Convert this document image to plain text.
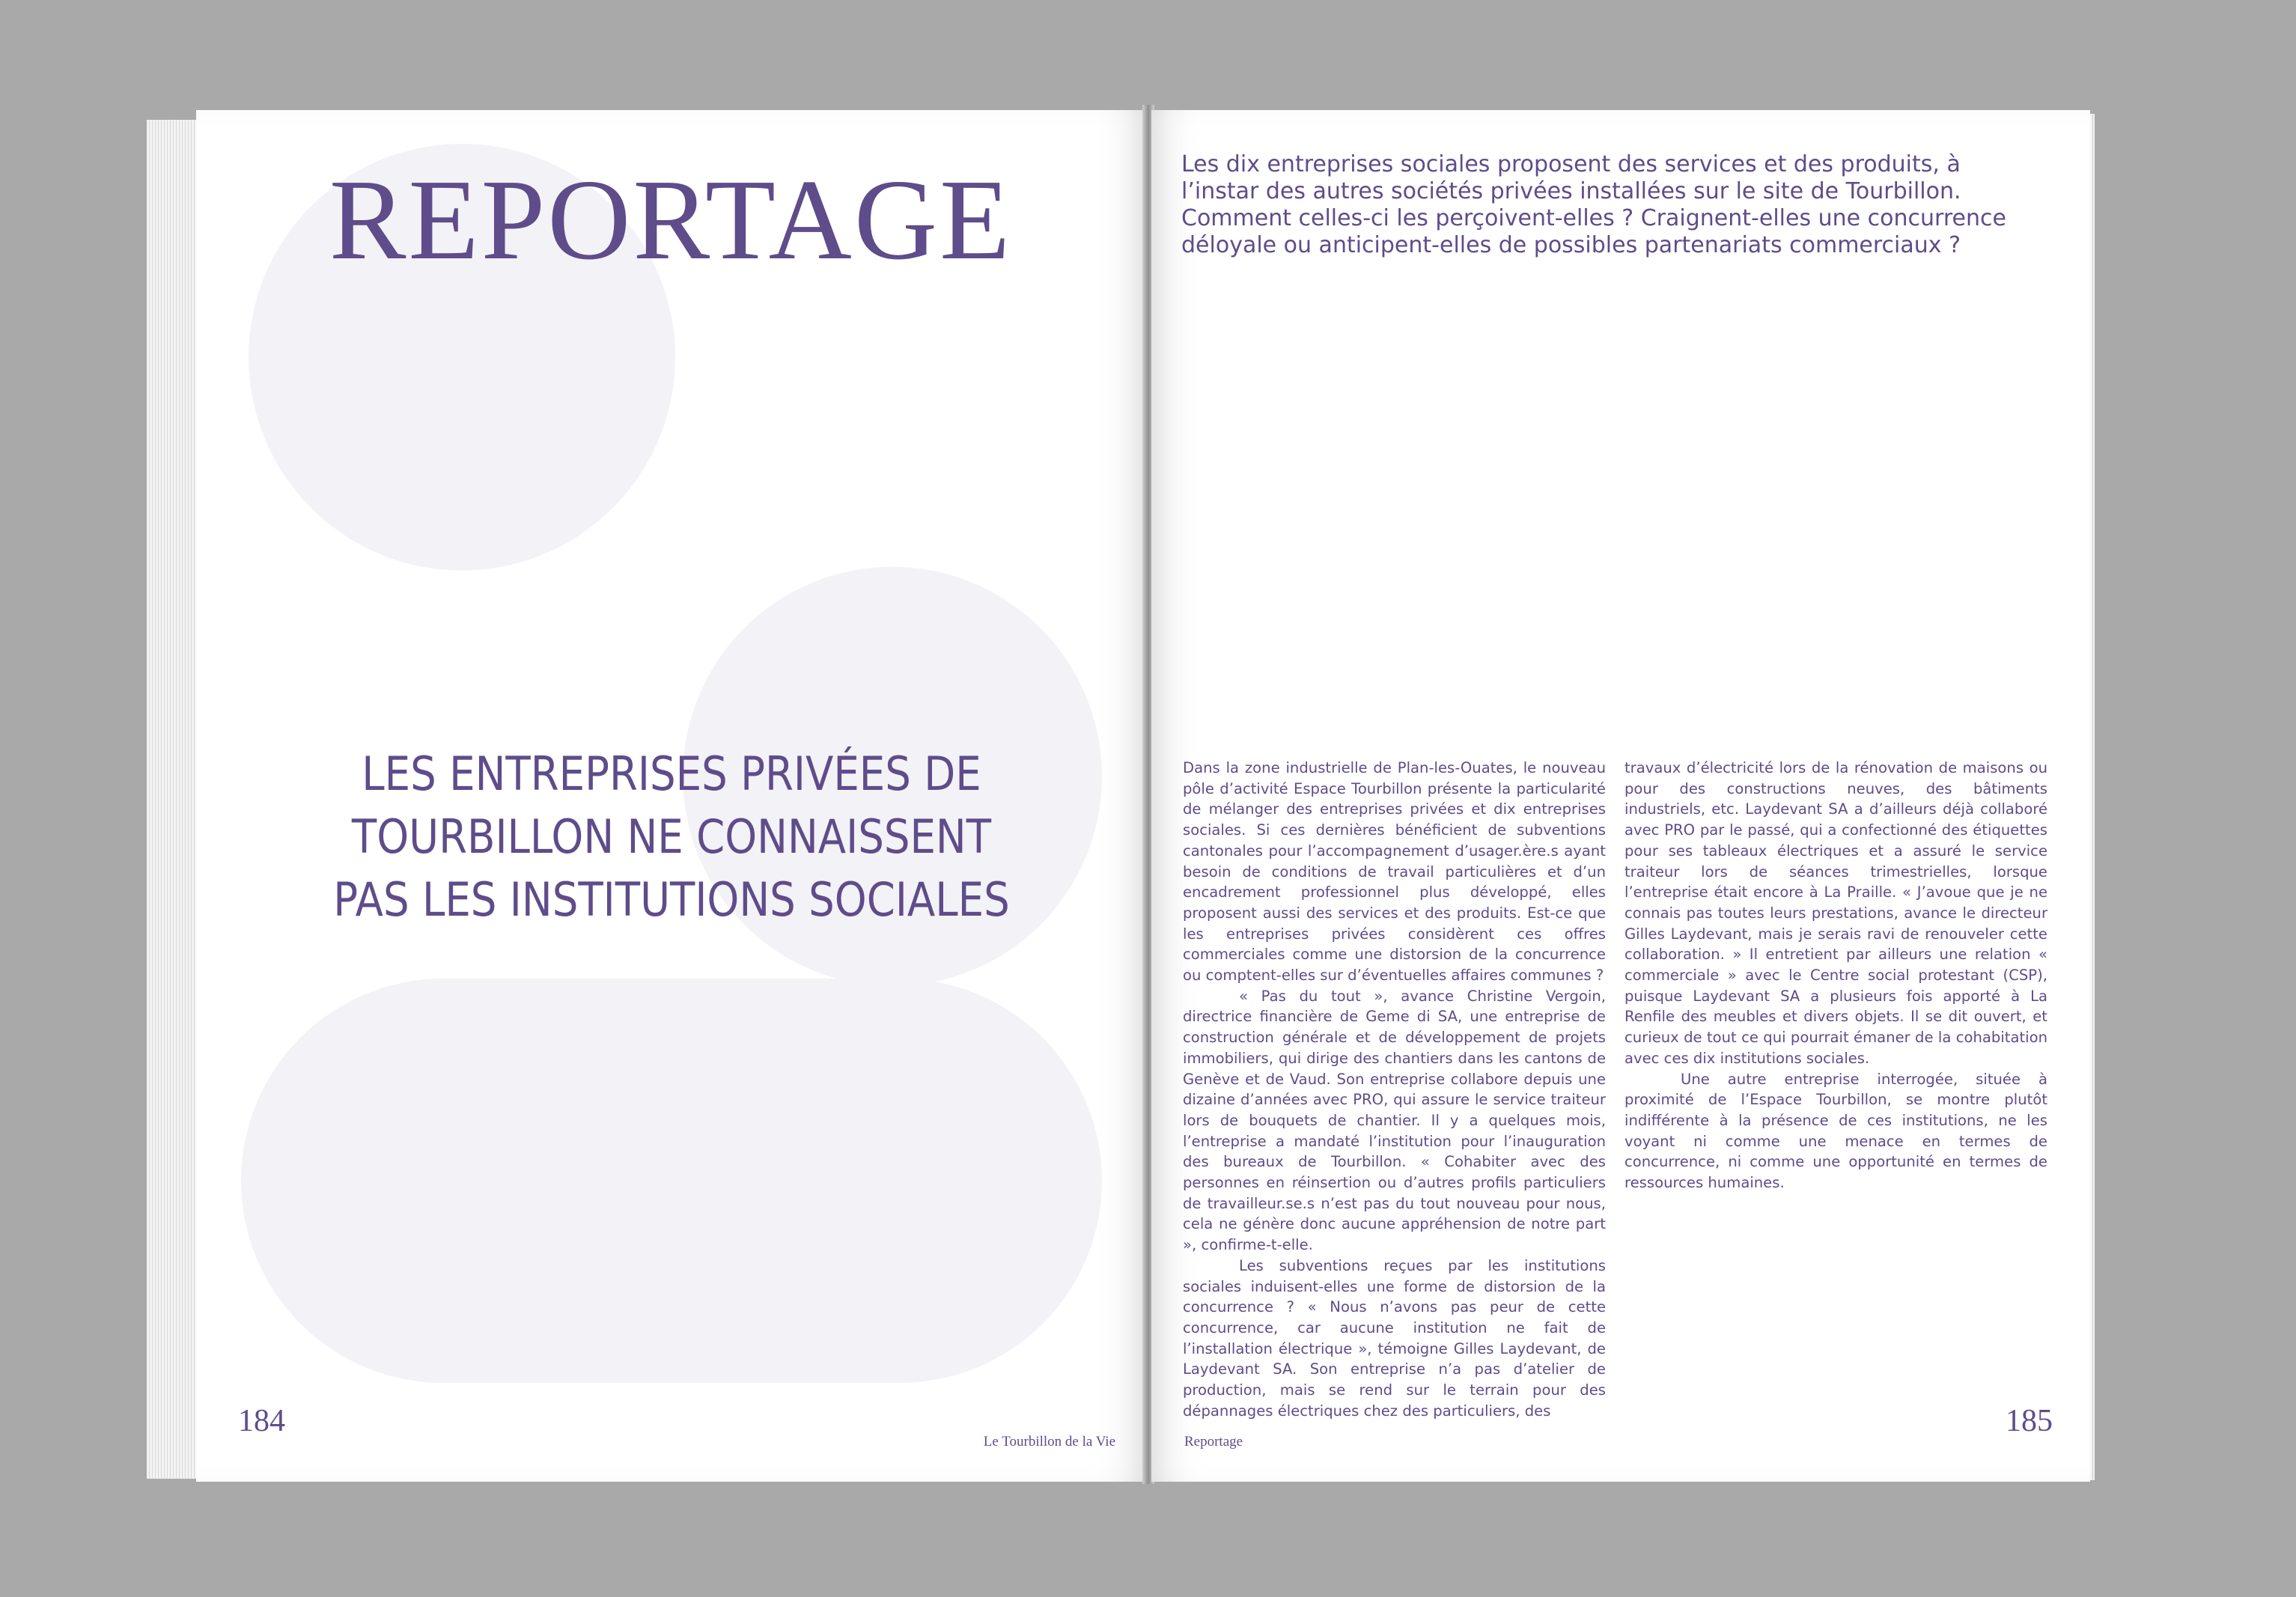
REPORTAGE
LES ENTREPRISES PRIVÉES DE
TOURBILLON NE CONNAISSENT
PAS LES INSTITUTIONS SOCIALES
184
Le Tourbillon de la Vie
Les dix entreprises sociales proposent des services et des produits, à
l’instar des autres sociétés privées installées sur le site de Tourbillon.
Comment celles-ci les perçoivent-elles ? Craignent-elles une concurrence
déloyale ou anticipent-elles de possibles partenariats commerciaux ?

Dans la zone industrielle de Plan-les-Ouates, le nouveau pôle d’activité Espace Tourbillon présente la particularité de mélanger des entreprises privées et dix entreprises sociales. Si ces dernières bénéficient de subventions cantonales pour l’accompagnement d’usager.ère.s ayant besoin de conditions de travail particulières et d’un encadrement professionnel plus développé, elles proposent aussi des services et des produits. Est-ce que les entreprises privées considèrent ces offres commerciales comme une distorsion de la concurrence ou comptent-elles sur d’éventuelles affaires communes ?

« Pas du tout », avance Christine Vergoin, directrice financière de Geme di SA, une entreprise de construction générale et de développement de projets immobiliers, qui dirige des chantiers dans les cantons de Genève et de Vaud. Son entreprise collabore depuis une dizaine d’années avec PRO, qui assure le service traiteur lors de bouquets de chantier. Il y a quelques mois, l’entreprise a mandaté l’institution pour l’inauguration des bureaux de Tourbillon. « Cohabiter avec des personnes en réinsertion ou d’autres profils particuliers de travailleur.se.s n’est pas du tout nouveau pour nous, cela ne génère donc aucune appréhension de notre part », confirme-t-elle.

Les subventions reçues par les institutions sociales induisent-elles une forme de distorsion de la concurrence ? « Nous n’avons pas peur de cette concurrence, car aucune institution ne fait de l’installation électrique », témoigne Gilles Laydevant, de Laydevant SA. Son entreprise n’a pas d’atelier de production, mais se rend sur le terrain pour des dépannages électriques chez des particuliers, des

travaux d’électricité lors de la rénovation de maisons ou pour des constructions neuves, des bâtiments industriels, etc. Laydevant SA a d’ailleurs déjà collaboré avec PRO par le passé, qui a confectionné des étiquettes pour ses tableaux électriques et a assuré le service traiteur lors de séances trimestrielles, lorsque l’entreprise était encore à La Praille. « J’avoue que je ne connais pas toutes leurs prestations, avance le directeur Gilles Laydevant, mais je serais ravi de renouveler cette collaboration. » Il entretient par ailleurs une relation « commerciale » avec le Centre social protestant (CSP), puisque Laydevant SA a plusieurs fois apporté à La Renfile des meubles et divers objets. Il se dit ouvert, et curieux de tout ce qui pourrait émaner de la cohabitation avec ces dix institutions sociales.

Une autre entreprise interrogée, située à proximité de l’Espace Tourbillon, se montre plutôt indifférente à la présence de ces institutions, ne les voyant ni comme une menace en termes de concurrence, ni comme une opportunité en termes de ressources humaines.

Reportage
185
